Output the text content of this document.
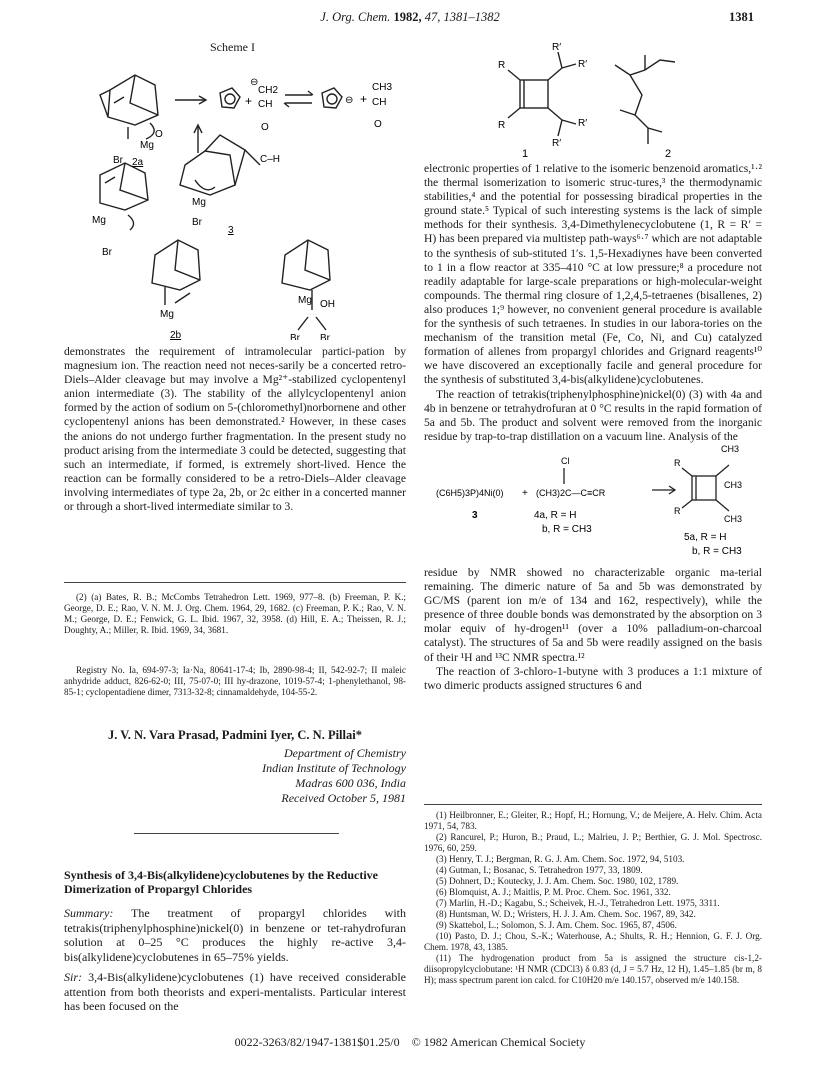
J. Org. Chem. 1982, 47, 1381–1382	1381
Scheme I
Mg
O
Br 2a
⊖
+
CH2
CH
O
⊖ +
CH3
CH
O
C–H
Mg
Br
3
Mg
Br
Mg
2b
OH
Mg
Br Br

demonstrates the requirement of intramolecular partici-pation by magnesium ion. The reaction need not neces-sarily be a concerted retro-Diels–Alder cleavage but may involve a Mg²⁺-stabilized cyclopentenyl anion intermediate (3). The stability of the allylcyclopentenyl anion formed by the action of sodium on 5-(chloromethyl)norbornene and other cyclopentenyl anions has been demonstrated.² However, in these cases the anions do not undergo further fragmentation. In the present study no product arising from the intermediate 3 could be detected, suggesting that such an intermediate, if formed, is extremely short-lived. Hence the reaction can be formally considered to be a retro-Diels–Alder cleavage involving intermediates of type 2a, 2b, or 2c either in a concerted manner or through a short-lived intermediate similar to 3.

(2) (a) Bates, R. B.; McCombs Tetrahedron Lett. 1969, 977–8. (b) Freeman, P. K.; George, D. E.; Rao, V. N. M. J. Org. Chem. 1964, 29, 1682. (c) Freeman, P. K.; Rao, V. N. M.; George, D. E.; Fenwick, G. L. Ibid. 1967, 32, 3958. (d) Hill, E. A.; Theissen, R. J.; Doughty, A.; Miller, R. Ibid. 1969, 34, 3681.

Registry No. Ia, 694-97-3; Ia·Na, 80641-17-4; Ib, 2890-98-4; II, 542-92-7; II maleic anhydride adduct, 826-62-0; III, 75-07-0; III hy-drazone, 1019-57-4; 1-phenylethanol, 98-85-1; cyclopentadiene dimer, 7313-32-8; cinnamaldehyde, 104-55-2.

J. V. N. Vara Prasad, Padmini Iyer, C. N. Pillai*
Department of Chemistry
Indian Institute of Technology
Madras 600 036, India
Received October 5, 1981
Synthesis of 3,4-Bis(alkylidene)cyclobutenes by the Reductive Dimerization of Propargyl Chlorides
Summary: The treatment of propargyl chlorides with tetrakis(triphenylphosphine)nickel(0) in benzene or tet-rahydrofuran solution at 0–25 °C produces the highly re-active 3,4-bis(alkylidene)cyclobutenes in 65–75% yields.
Sir: 3,4-Bis(alkylidene)cyclobutenes (1) have received considerable attention from both theorists and experi-mentalists. Particular interest has been focused on the
R
R
R′
R′
R′
R′
1	2

electronic properties of 1 relative to the isomeric benzenoid aromatics,¹·² the thermal isomerization to isomeric struc-tures,³ the thermodynamic stabilities,⁴ and the potential for possessing biradical properties in the ground state.⁵ Typical of such interesting systems is the lack of simple methods for their synthesis. 3,4-Dimethylenecyclobutene (1, R = R′ = H) has been prepared via multistep path-ways⁶·⁷ which are not adaptable to the synthesis of sub-stituted 1′s. 1,5-Hexadiynes have been converted to 1 in a flow reactor at 335–410 °C at low pressure;⁸ a procedure not readily adaptable for large-scale preparations or high-molecular-weight compounds. The thermal ring closure of 1,2,4,5-tetraenes (bisallenes, 2) also produces 1;⁹ however, no convenient general procedure is available for the synthesis of such tetraenes. In studies in our labora-tories on the mechanism of the transition metal (Fe, Co, Ni, and Cu) catalyzed formation of allenes from propargyl chlorides and Grignard reagents¹⁰ we have discovered an exceptionally facile and general procedure for the synthesis of substituted 3,4-bis(alkylidene)cyclobutenes.

The reaction of tetrakis(triphenylphosphine)nickel(0) (3) with 4a and 4b in benzene or tetrahydrofuran at 0 °C results in the rapid formation of 5a and 5b. The product and solvent were removed from the inorganic residue by trap-to-trap distillation on a vacuum line. Analysis of the

Cl
CH3
CH3
CH3
R
R
(C6H5)3P)4Ni(0) + (CH3)2C—C≡CR
3	4a, R = H
b, R = CH3
5a, R = H
b, R = CH3

residue by NMR showed no characterizable organic ma-terial remaining. The dimeric nature of 5a and 5b was demonstrated by GC/MS (parent ion m/e of 134 and 162, respectively), while the presence of three double bonds was demonstrated by the absorption on 3 molar equiv of hy-drogen¹¹ (over a 10% palladium-on-charcoal catalyst). The structures of 5a and 5b were readily assigned on the basis of their ¹H and ¹³C NMR spectra.¹²

The reaction of 3-chloro-1-butyne with 3 produces a 1:1 mixture of two dimeric products assigned structures 6 and

(1) Heilbronner, E.; Gleiter, R.; Hopf, H.; Hornung, V.; de Meijere, A. Helv. Chim. Acta 1971, 54, 783.

(2) Rancurel, P.; Huron, B.; Praud, L.; Malrieu, J. P.; Berthier, G. J. Mol. Spectrosc. 1976, 60, 259.

(3) Henry, T. J.; Bergman, R. G. J. Am. Chem. Soc. 1972, 94, 5103.

(4) Gutman, I.; Bosanac, S. Tetrahedron 1977, 33, 1809.

(5) Dohnert, D.; Koutecky, J. J. Am. Chem. Soc. 1980, 102, 1789.

(6) Blomquist, A. J.; Maitlis, P. M. Proc. Chem. Soc. 1961, 332.

(7) Marlin, H.-D.; Kagabu, S.; Scheivek, H.-J., Tetrahedron Lett. 1975, 3311.

(8) Huntsman, W. D.; Wristers, H. J. J. Am. Chem. Soc. 1967, 89, 342.

(9) Skattebol, L.; Solomon, S. J. Am. Chem. Soc. 1965, 87, 4506.

(10) Pasto, D. J.; Chou, S.-K.; Waterhouse, A.; Shults, R. H.; Hennion, G. F. J. Org. Chem. 1978, 43, 1385.

(11) The hydrogenation product from 5a is assigned the structure cis-1,2-diisopropylcyclobutane: ¹H NMR (CDCl3) δ 0.83 (d, J = 5.7 Hz, 12 H), 1.45–1.85 (br m, 8 H); mass spectrum parent ion calcd. for C10H20 m/e 140.157, observed m/e 140.158.

0022-3263/82/1947-1381$01.25/0 © 1982 American Chemical Society
